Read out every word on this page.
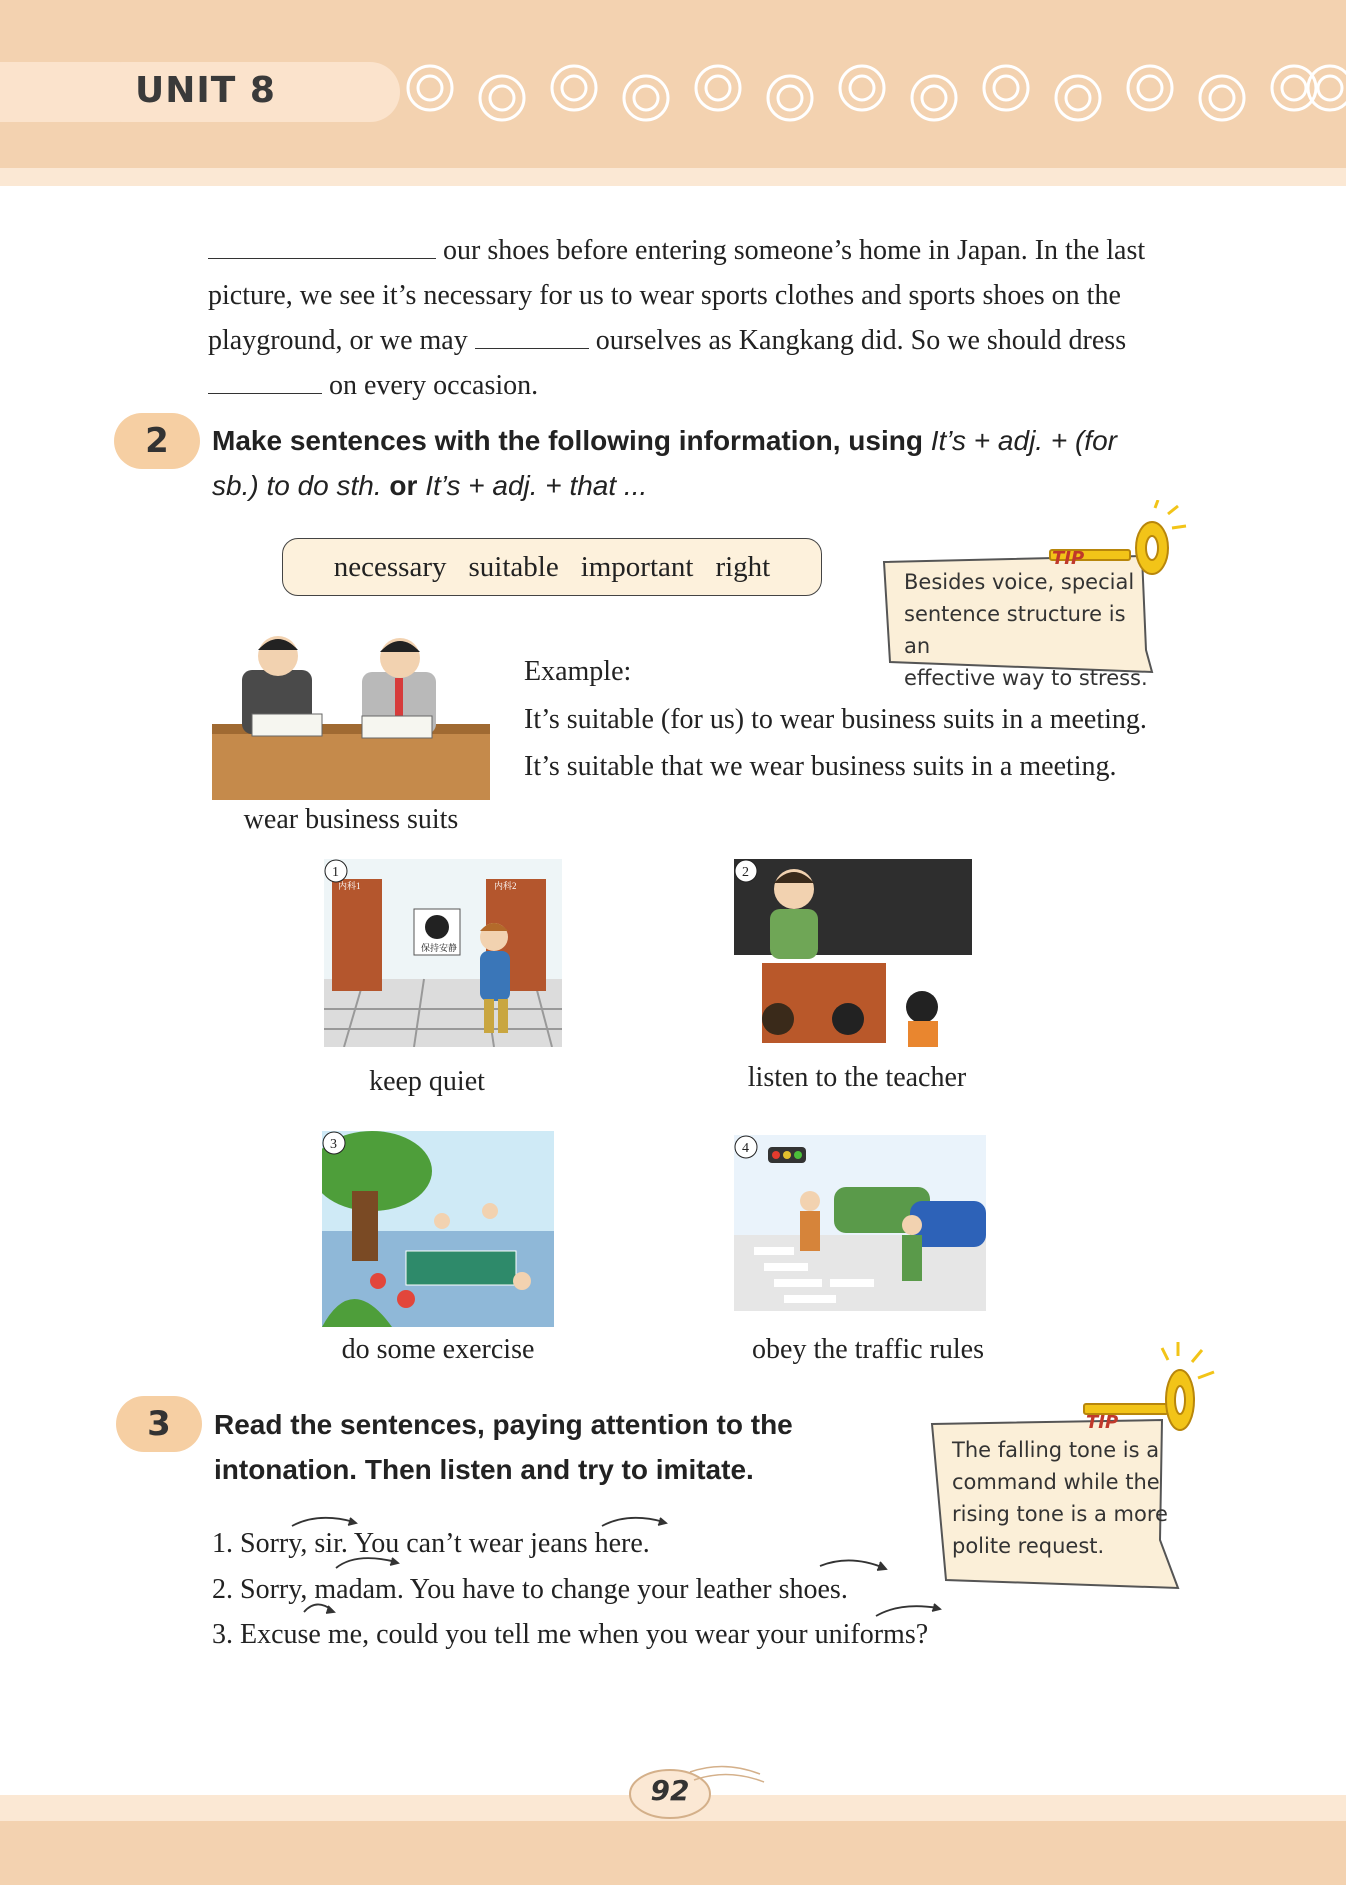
UNIT 8

our shoes before entering someone’s home in Japan. In the last

picture, we see it’s necessary for us to wear sports clothes and sports shoes on the

playground, or we may	ourselves as Kangkang did. So we should dress

on every occasion.

2	Make sentences with the following information, using It’s + adj. + (for
sb.) to do sth. or It’s + adj. + that ...
necessary suitable important right	TIP
Besides voice, special
sentence structure is an
effective way to stress.
wear business suits
Example:
It’s suitable (for us) to wear business suits in a meeting.
It’s suitable that we wear business suits in a meeting.
保持安静
内科1	内科2
1
keep quiet
2
listen to the teacher
3
do some exercise
4
obey the traffic rules
3	Read the sentences, paying attention to the
intonation. Then listen and try to imitate.
TIP
The falling tone is a
command while the
rising tone is a more
polite request.
1. Sorry, sir. You can’t wear jeans here.
2. Sorry, madam. You have to change your leather shoes.
3. Excuse me, could you tell me when you wear your uniforms?
92
